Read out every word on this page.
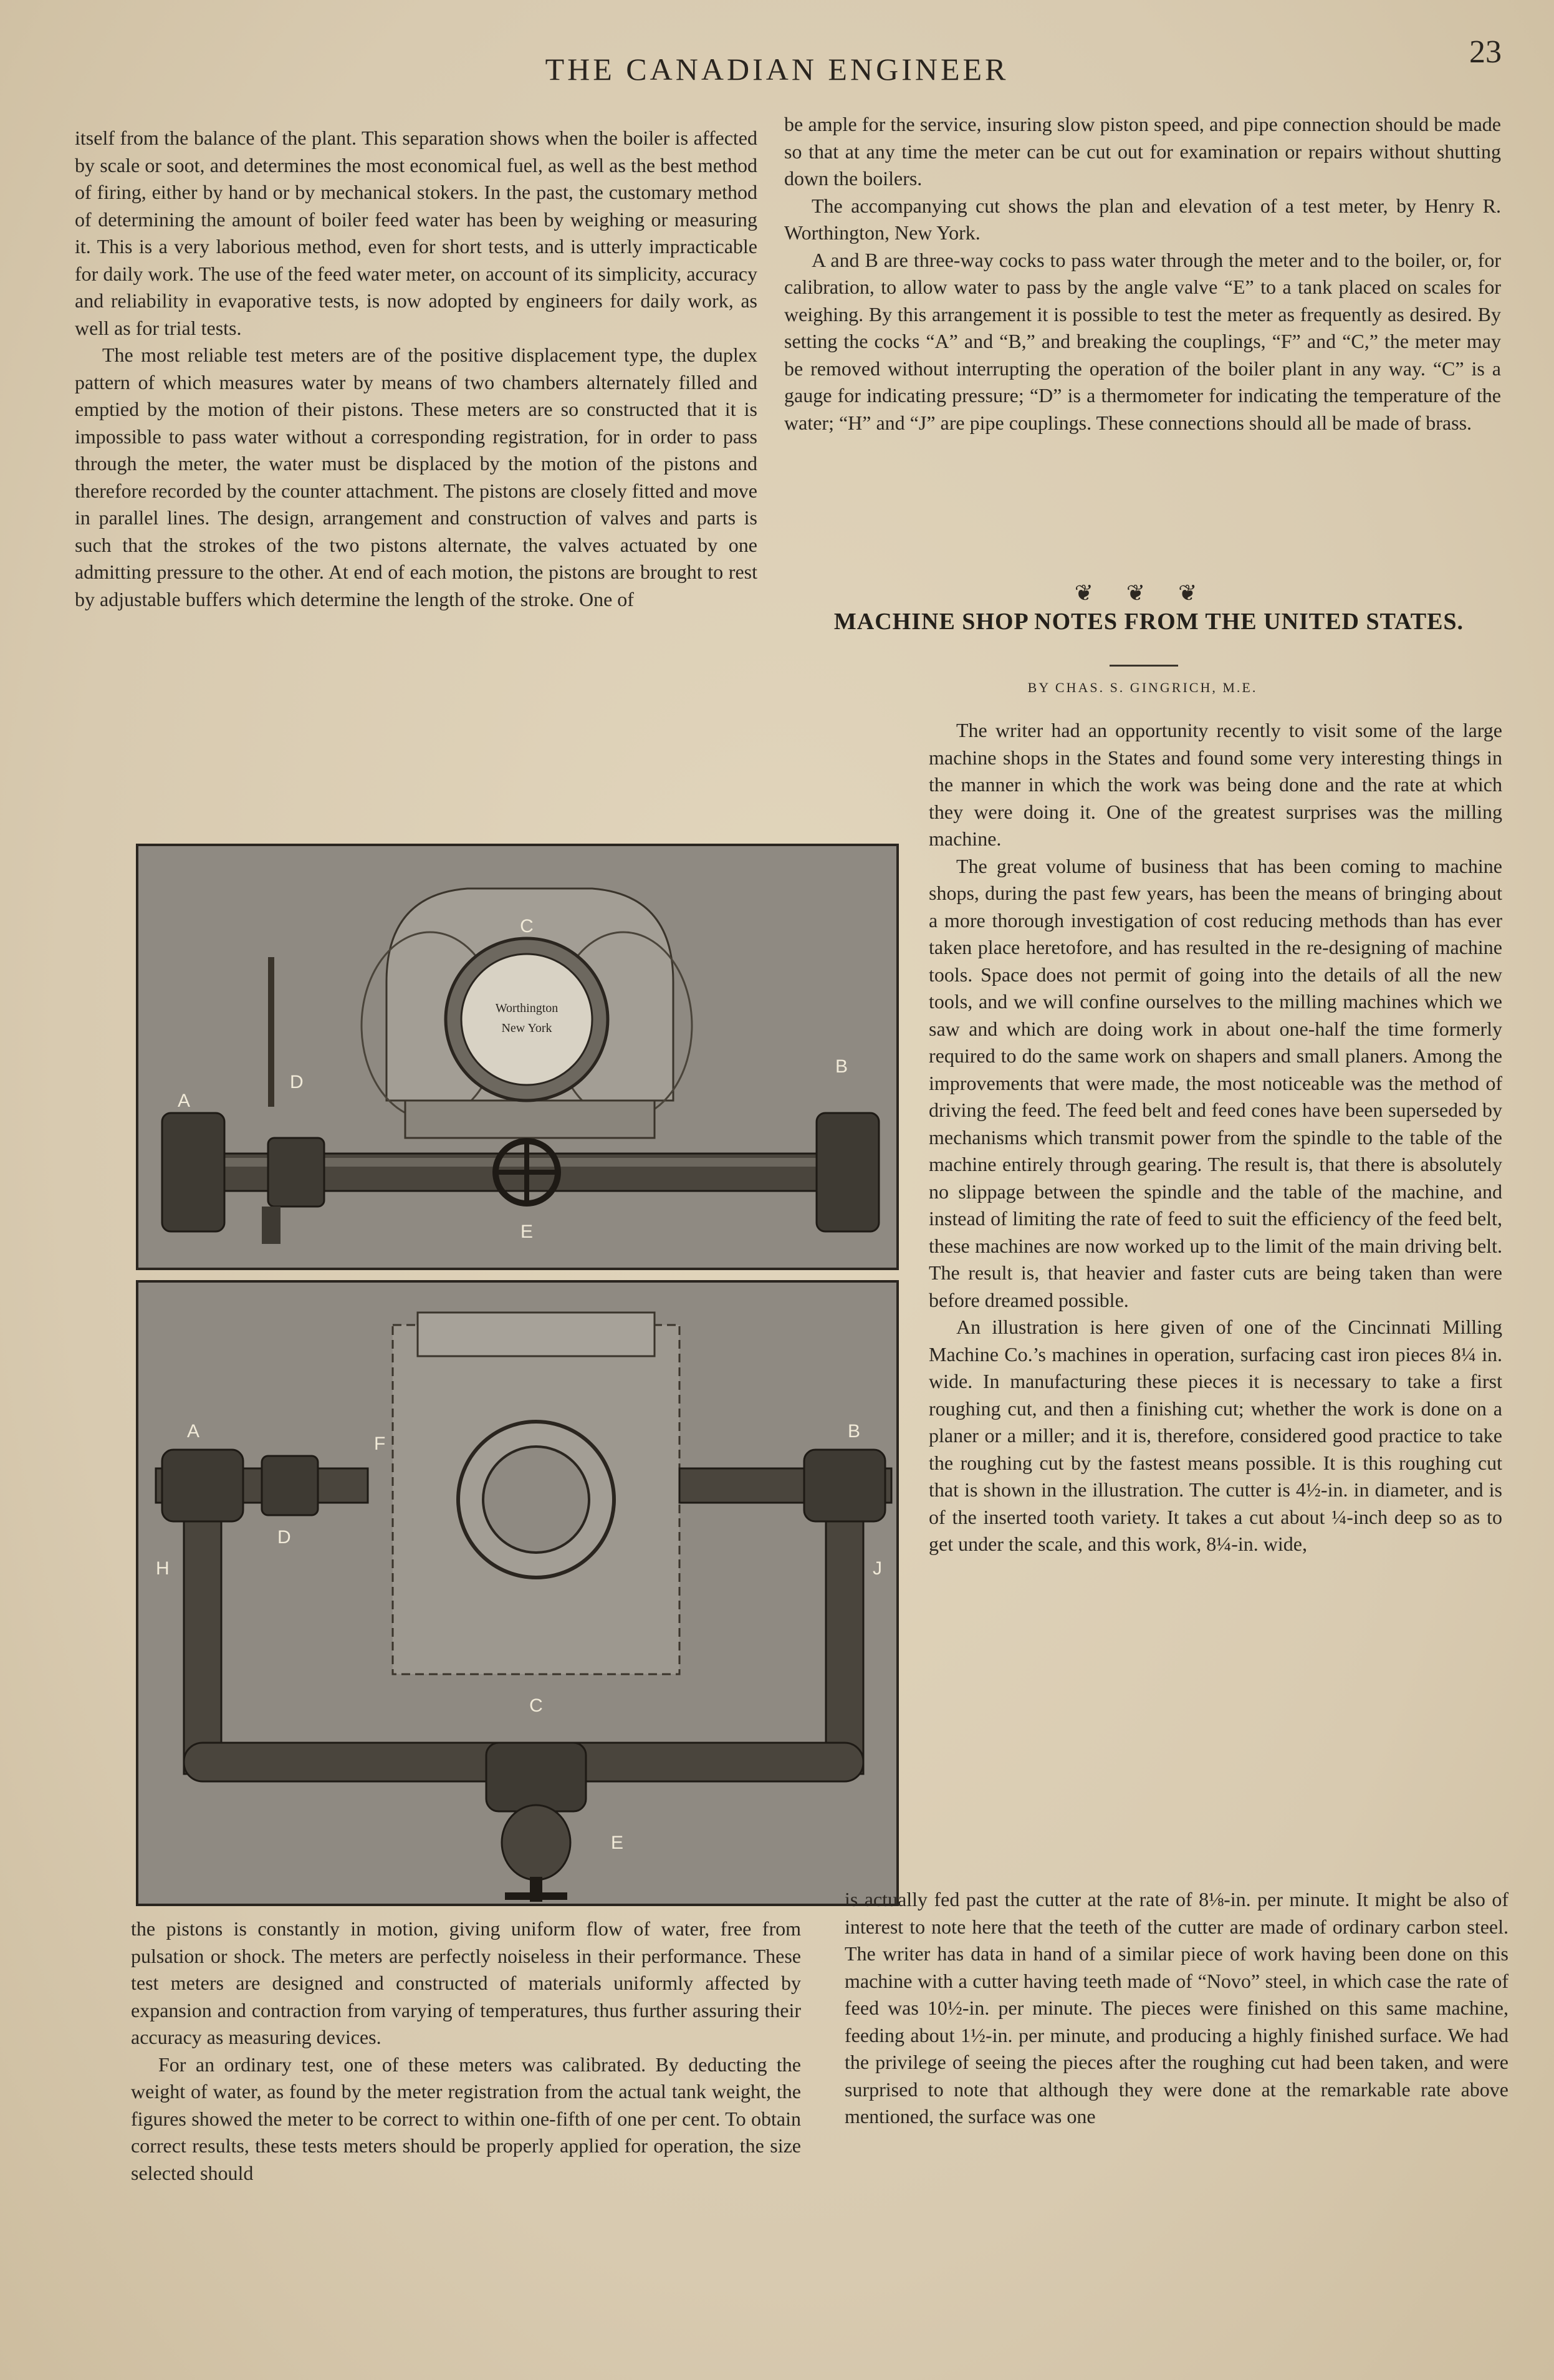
THE CANADIAN ENGINEER	23

itself from the balance of the plant. This separation shows when the boiler is affected by scale or soot, and determines the most economical fuel, as well as the best method of firing, either by hand or by mechanical stokers. In the past, the customary method of determining the amount of boiler feed water has been by weighing or measuring it. This is a very laborious method, even for short tests, and is utterly impracticable for daily work. The use of the feed water meter, on account of its simplicity, accuracy and reliability in evaporative tests, is now adopted by engineers for daily work, as well as for trial tests.

The most reliable test meters are of the positive displacement type, the duplex pattern of which measures water by means of two chambers alternately filled and emptied by the motion of their pistons. These meters are so constructed that it is impossible to pass water without a corresponding registration, for in order to pass through the meter, the water must be displaced by the motion of the pistons and therefore recorded by the counter attachment. The pistons are closely fitted and move in parallel lines. The design, arrangement and construction of valves and parts is such that the strokes of the two pistons alternate, the valves actuated by one admitting pressure to the other. At end of each motion, the pistons are brought to rest by adjustable buffers which determine the length of the stroke. One of

Worthington
New York
A
B
C
D
E
A	B
C
D
E
F
H	J

the pistons is constantly in motion, giving uniform flow of water, free from pulsation or shock. The meters are perfectly noiseless in their performance. These test meters are designed and constructed of materials uniformly affected by expansion and contraction from varying of temperatures, thus further assuring their accuracy as measuring devices.

For an ordinary test, one of these meters was calibrated. By deducting the weight of water, as found by the meter registration from the actual tank weight, the figures showed the meter to be correct to within one-fifth of one per cent. To obtain correct results, these tests meters should be properly applied for operation, the size selected should

be ample for the service, insuring slow piston speed, and pipe connection should be made so that at any time the meter can be cut out for examination or repairs without shutting down the boilers.

The accompanying cut shows the plan and elevation of a test meter, by Henry R. Worthington, New York.

A and B are three-way cocks to pass water through the meter and to the boiler, or, for calibration, to allow water to pass by the angle valve “E” to a tank placed on scales for weighing. By this arrangement it is possible to test the meter as frequently as desired. By setting the cocks “A” and “B,” and breaking the couplings, “F” and “C,” the meter may be removed without interrupting the operation of the boiler plant in any way. “C” is a gauge for indicating pressure; “D” is a thermometer for indicating the temperature of the water; “H” and “J” are pipe couplings. These connections should all be made of brass.

❦ ❦ ❦
MACHINE SHOP NOTES FROM THE UNITED STATES.
BY CHAS. S. GINGRICH, M.E.

The writer had an opportunity recently to visit some of the large machine shops in the States and found some very interesting things in the manner in which the work was being done and the rate at which they were doing it. One of the greatest surprises was the milling machine.

The great volume of business that has been coming to machine shops, during the past few years, has been the means of bringing about a more thorough investigation of cost reducing methods than has ever taken place heretofore, and has resulted in the re-designing of machine tools. Space does not permit of going into the details of all the new tools, and we will confine ourselves to the milling machines which we saw and which are doing work in about one-half the time formerly required to do the same work on shapers and small planers. Among the improvements that were made, the most noticeable was the method of driving the feed. The feed belt and feed cones have been superseded by mechanisms which transmit power from the spindle to the table of the machine entirely through gearing. The result is, that there is absolutely no slippage between the spindle and the table of the machine, and instead of limiting the rate of feed to suit the efficiency of the feed belt, these machines are now worked up to the limit of the main driving belt. The result is, that heavier and faster cuts are being taken than were before dreamed possible.

An illustration is here given of one of the Cincinnati Milling Machine Co.’s machines in operation, surfacing cast iron pieces 8¼ in. wide. In manufacturing these pieces it is necessary to take a first roughing cut, and then a finishing cut; whether the work is done on a planer or a miller; and it is, therefore, considered good practice to take the roughing cut by the fastest means possible. It is this roughing cut that is shown in the illustration. The cutter is 4½-in. in diameter, and is of the inserted tooth variety. It takes a cut about ¼-inch deep so as to get under the scale, and this work, 8¼-in. wide,

is actually fed past the cutter at the rate of 8⅛-in. per minute. It might be also of interest to note here that the teeth of the cutter are made of ordinary carbon steel. The writer has data in hand of a similar piece of work having been done on this machine with a cutter having teeth made of “Novo” steel, in which case the rate of feed was 10½-in. per minute. The pieces were finished on this same machine, feeding about 1½-in. per minute, and producing a highly finished surface. We had the privilege of seeing the pieces after the roughing cut had been taken, and were surprised to note that although they were done at the remarkable rate above mentioned, the surface was one
